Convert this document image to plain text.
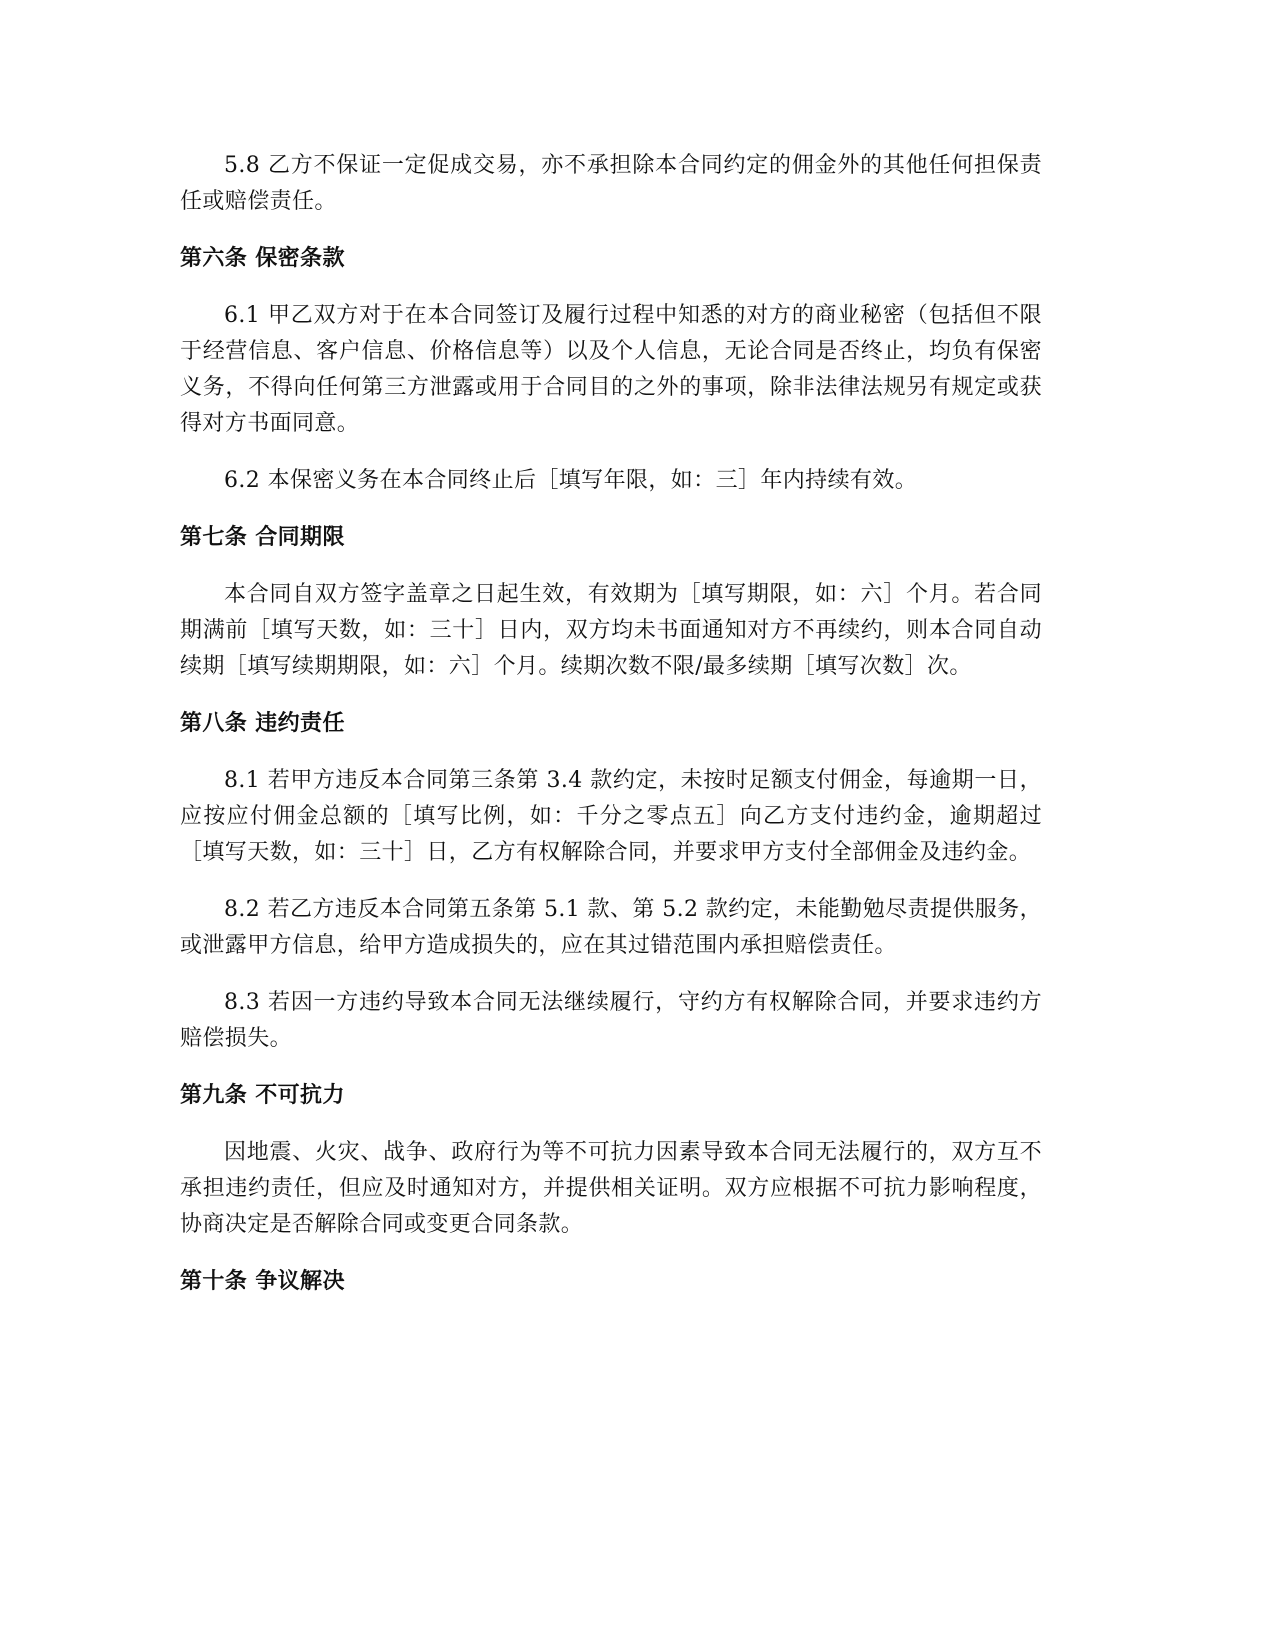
5.8 乙方不保证一定促成交易，亦不承担除本合同约定的佣金外的其他任何担保责任或赔偿责任。

第六条 保密条款

6.1 甲乙双方对于在本合同签订及履行过程中知悉的对方的商业秘密（包括但不限于经营信息、客户信息、价格信息等）以及个人信息，无论合同是否终止，均负有保密义务，不得向任何第三方泄露或用于合同目的之外的事项，除非法律法规另有规定或获得对方书面同意。

6.2 本保密义务在本合同终止后［填写年限，如：三］年内持续有效。

第七条 合同期限

本合同自双方签字盖章之日起生效，有效期为［填写期限，如：六］个月。若合同期满前［填写天数，如：三十］日内，双方均未书面通知对方不再续约，则本合同自动续期［填写续期期限，如：六］个月。续期次数不限/最多续期［填写次数］次。

第八条 违约责任

8.1 若甲方违反本合同第三条第 3.4 款约定，未按时足额支付佣金，每逾期一日，应按应付佣金总额的［填写比例，如：千分之零点五］向乙方支付违约金，逾期超过［填写天数，如：三十］日，乙方有权解除合同，并要求甲方支付全部佣金及违约金。

8.2 若乙方违反本合同第五条第 5.1 款、第 5.2 款约定，未能勤勉尽责提供服务，或泄露甲方信息，给甲方造成损失的，应在其过错范围内承担赔偿责任。

8.3 若因一方违约导致本合同无法继续履行，守约方有权解除合同，并要求违约方赔偿损失。

第九条 不可抗力

因地震、火灾、战争、政府行为等不可抗力因素导致本合同无法履行的，双方互不承担违约责任，但应及时通知对方，并提供相关证明。双方应根据不可抗力影响程度，协商决定是否解除合同或变更合同条款。

第十条 争议解决
